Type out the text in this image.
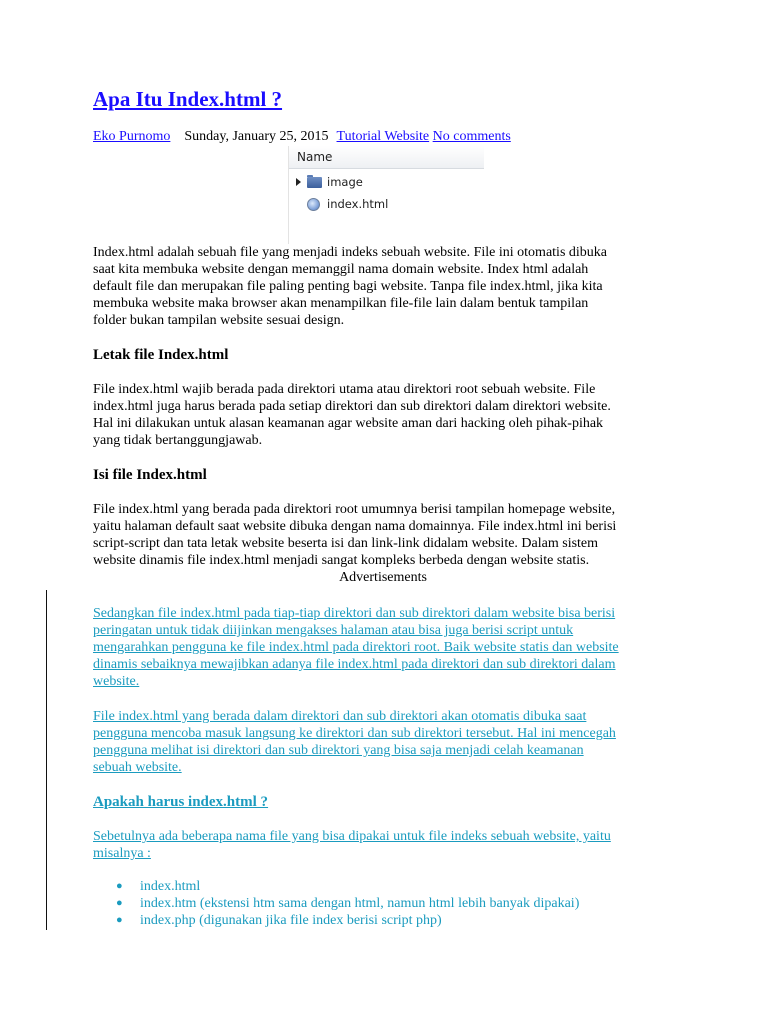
Apa Itu Index.html ?
Eko Purnomo Sunday, January 25, 2015 Tutorial Website No comments
Name
image
index.html
Index.html adalah sebuah file yang menjadi indeks sebuah website. File ini otomatis dibuka
saat kita membuka website dengan memanggil nama domain website. Index html adalah
default file dan merupakan file paling penting bagi website. Tanpa file index.html, jika kita
membuka website maka browser akan menampilkan file-file lain dalam bentuk tampilan
folder bukan tampilan website sesuai design.
Letak file Index.html
File index.html wajib berada pada direktori utama atau direktori root sebuah website. File
index.html juga harus berada pada setiap direktori dan sub direktori dalam direktori website.
Hal ini dilakukan untuk alasan keamanan agar website aman dari hacking oleh pihak-pihak
yang tidak bertanggungjawab.
Isi file Index.html
File index.html yang berada pada direktori root umumnya berisi tampilan homepage website,
yaitu halaman default saat website dibuka dengan nama domainnya. File index.html ini berisi
script-script dan tata letak website beserta isi dan link-link didalam website. Dalam sistem
website dinamis file index.html menjadi sangat kompleks berbeda dengan website statis.
Advertisements
Sedangkan file index.html pada tiap-tiap direktori dan sub direktori dalam website bisa berisi
peringatan untuk tidak diijinkan mengakses halaman atau bisa juga berisi script untuk
mengarahkan pengguna ke file index.html pada direktori root. Baik website statis dan website
dinamis sebaiknya mewajibkan adanya file index.html pada direktori dan sub direktori dalam
website.
File index.html yang berada dalam direktori dan sub direktori akan otomatis dibuka saat
pengguna mencoba masuk langsung ke direktori dan sub direktori tersebut. Hal ini mencegah
pengguna melihat isi direktori dan sub direktori yang bisa saja menjadi celah keamanan
sebuah website.
Apakah harus index.html ?
Sebetulnya ada beberapa nama file yang bisa dipakai untuk file indeks sebuah website, yaitu
misalnya :
● index.html
● index.htm (ekstensi htm sama dengan html, namun html lebih banyak dipakai)
● index.php (digunakan jika file index berisi script php)
